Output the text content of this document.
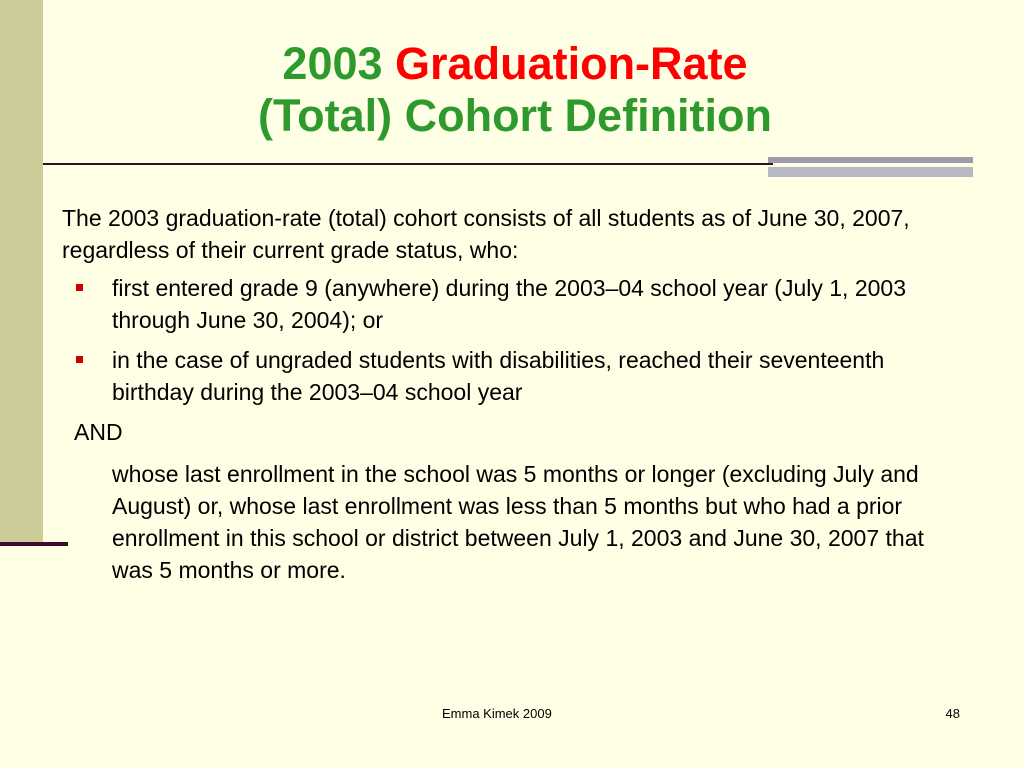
2003 Graduation-Rate
(Total) Cohort Definition

The 2003 graduation-rate (total) cohort consists of all students as of June 30, 2007, regardless of their current grade status, who:

first entered grade 9 (anywhere) during the 2003–04 school year (July 1, 2003 through June 30, 2004); or
in the case of ungraded students with disabilities, reached their seventeenth birthday during the 2003–04 school year

AND

whose last enrollment in the school was 5 months or longer (excluding July and August) or, whose last enrollment was less than 5 months but who had a prior enrollment in this school or district between July 1, 2003 and June 30, 2007 that was 5 months or more.

Emma Kimek 2009	48
